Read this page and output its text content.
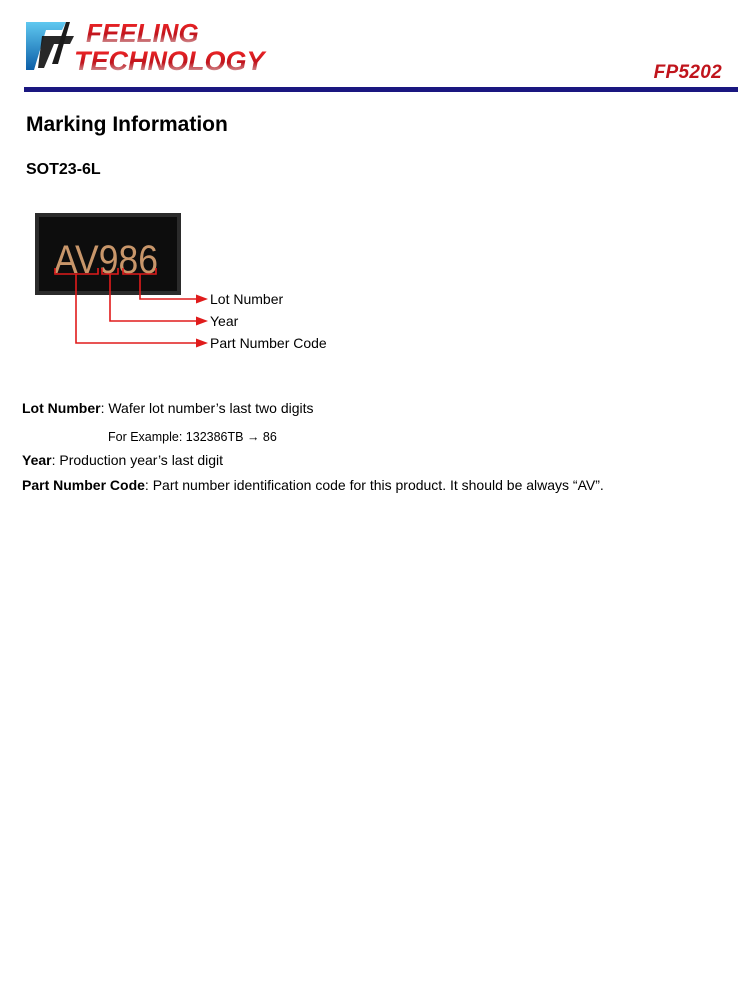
FEELING
TECHNOLOGY	FP5202
Marking Information
SOT23-6L
AV986
Lot Number
Year
Part Number Code
Lot Number: Wafer lot number’s last two digits
For Example: 132386TB → 86
Year: Production year’s last digit
Part Number Code: Part number identification code for this product. It should be always “AV”.
